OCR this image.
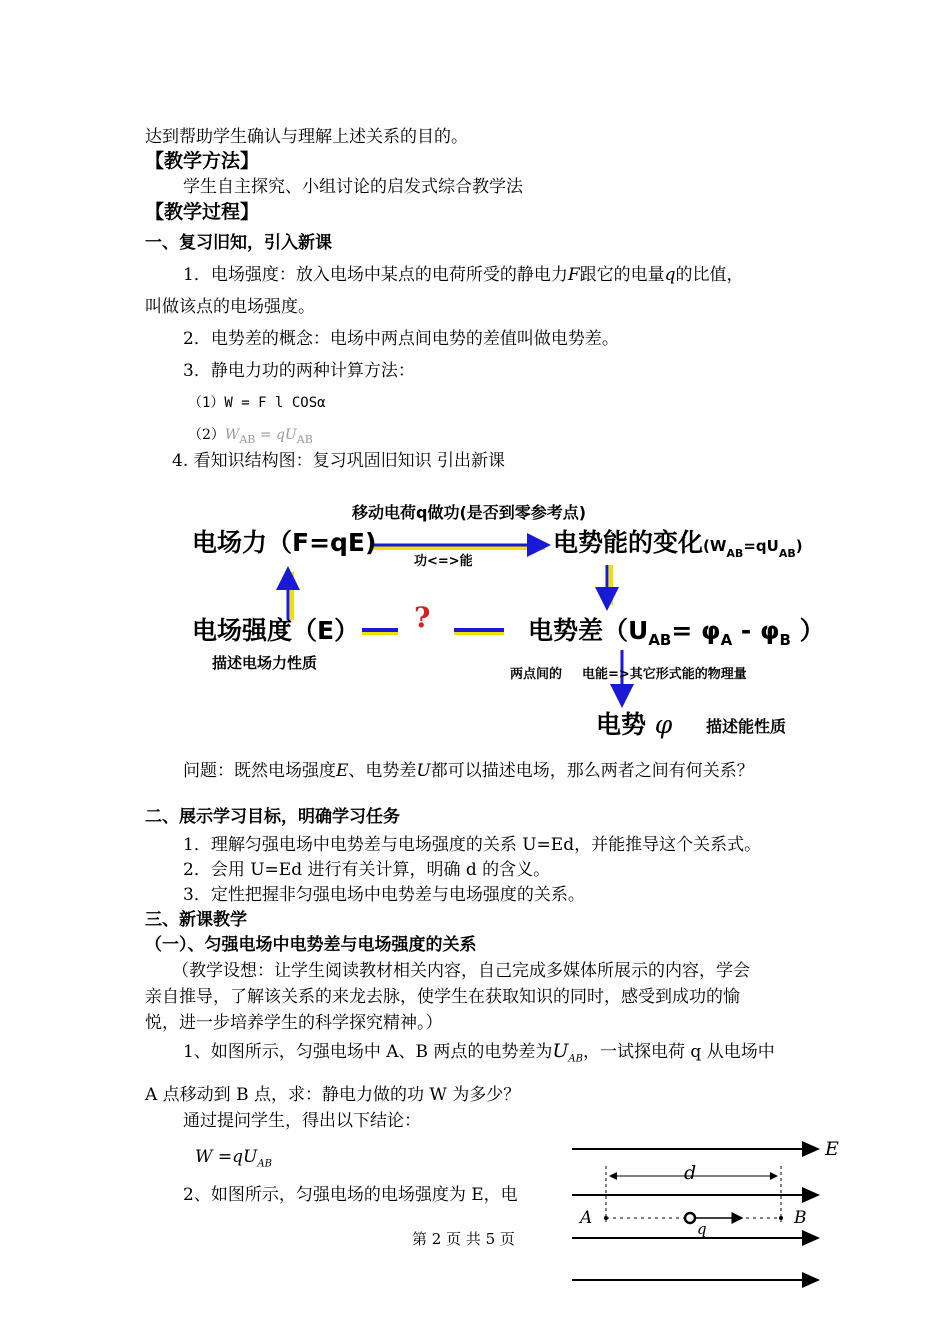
达到帮助学生确认与理解上述关系的目的。
【教学方法】
学生自主探究、小组讨论的启发式综合教学法
【教学过程】
一、复习旧知，引入新课
1．电场强度：放入电场中某点的电荷所受的静电力F跟它的电量q的比值，
叫做该点的电场强度。
2．电势差的概念：电场中两点间电势的差值叫做电势差。
3．静电力功的两种计算方法：
（1）W = F l COSα
$(2)W_{AB} = qU_{AB}$
4. 看知识结构图：复习巩固旧知识 引出新课
移动电荷q做功(是否到零参考点)
电场力（F=qE)
功<=>能
电势能的变化$(W_{AB}=qU_{AB})$
电场强度（E） ?	电势差（$U_{AB}= \varphi_A - \varphi_B$ ）
描述电场力性质
两点间的 电能=>其它形式能的物理量
电势 φ 描述能性质
问题：既然电场强度E、电势差U都可以描述电场，那么两者之间有何关系？
二、展示学习目标，明确学习任务
1．理解匀强电场中电势差与电场强度的关系 U=Ed，并能推导这个关系式。
2．会用 U=Ed 进行有关计算，明确 d 的含义。
3．定性把握非匀强电场中电势差与电场强度的关系。
三、新课教学
（一）、匀强电场中电势差与电场强度的关系
（教学设想：让学生阅读教材相关内容，自己完成多媒体所展示的内容，学会
亲自推导，了解该关系的来龙去脉，使学生在获取知识的同时，感受到成功的愉
悦，进一步培养学生的科学探究精神。）
1、如图所示，匀强电场中 A、B 两点的电势差为$U_{AB}$，一试探电荷 q 从电场中
A 点移动到 B 点，求：静电力做的功 W 为多少？
通过提问学生，得出以下结论：
$W =qU_{AB}$
2、如图所示，匀强电场的电场强度为 E，电
E
d
A	B
q
第 2 页 共 5 页
